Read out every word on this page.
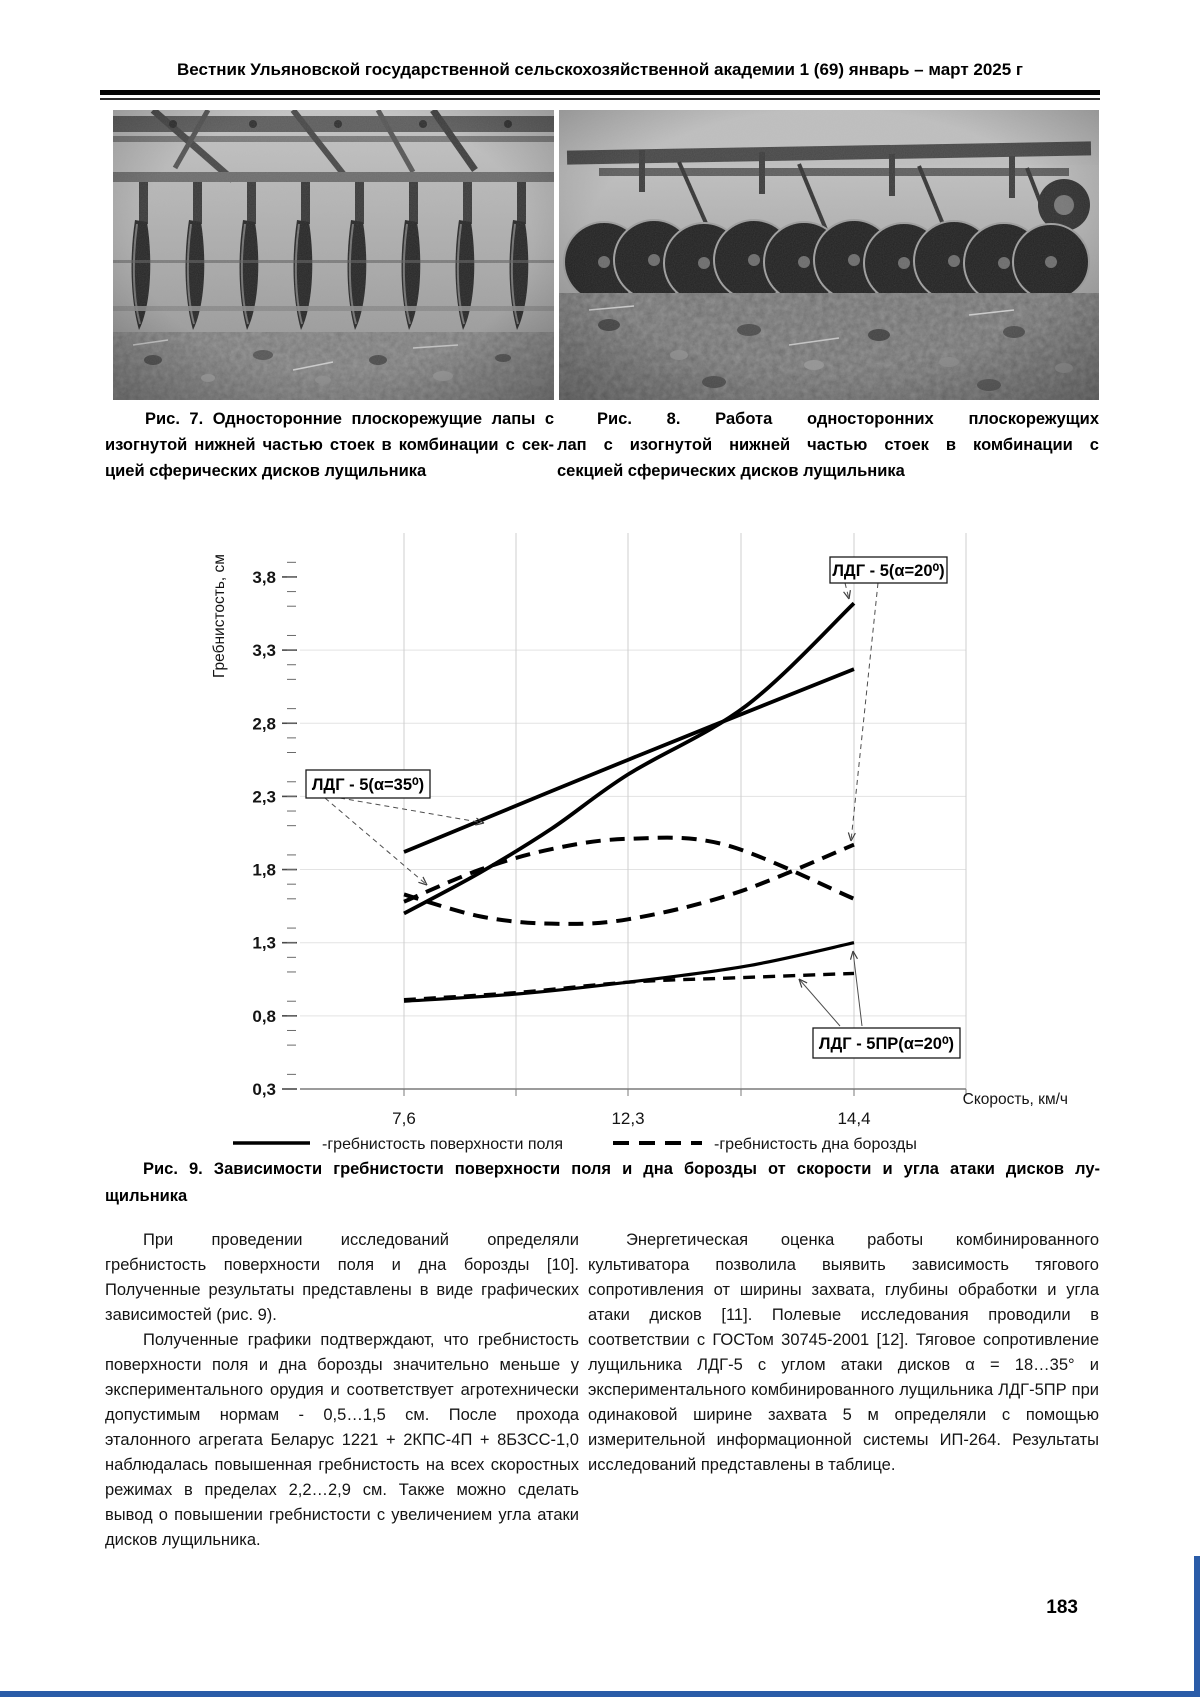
Вестник Ульяновской государственной сельскохозяйственной академии 1 (69) январь – март 2025 г
Рис. 7. Односторонние плоскорежущие лапы с
изогнутой нижней частью стоек в комбинации с сек-
цией сферических дисков лущильника
Рис. 8. Работа односторонних плоскорежущих
лап с изогнутой нижней частью стоек в комбинации с
секцией сферических дисков лущильника
0,3
0,8
1,3
1,8
2,3
2,8
3,3
3,8
7,6	12,3	14,4
Скорость, км/ч
Гребнистость, см	ЛДГ - 5(α=20⁰)
ЛДГ - 5(α=35⁰)
ЛДГ - 5ПР(α=20⁰)
-гребнистость поверхности поля	-гребнистость дна борозды
Рис. 9. Зависимости гребнистости поверхности поля и дна борозды от скорости и угла атаки дисков лу-
щильника

При проведении исследований определяли гребнистость поверхности поля и дна борозды [10]. Полученные результаты представлены в виде графических зависимостей (рис. 9).

Полученные графики подтверждают, что гребнистость поверхности поля и дна борозды значительно меньше у экспериментального орудия и соответствует агротехнически допустимым нормам - 0,5…1,5 см. После прохода эталонного агрегата Беларус 1221 + 2КПС-4П + 8БЗСС-1,0 наблюдалась повышенная гребнистость на всех скоростных режимах в пределах 2,2…2,9 см. Также можно сделать вывод о повышении гребнистости с увеличением угла атаки дисков лущильника.

Энергетическая оценка работы комбинированного культиватора позволила выявить зависимость тягового сопротивления от ширины захвата, глубины обработки и угла атаки дисков [11]. Полевые исследования проводили в соответствии с ГОСТом 30745-2001 [12]. Тяговое сопротивление лущильника ЛДГ-5 с углом атаки дисков α = 18…35° и экспериментального комбинированного лущильника ЛДГ-5ПР при одинаковой ширине захвата 5 м определяли с помощью измерительной информационной системы ИП-264. Результаты исследований представлены в таблице.

183
